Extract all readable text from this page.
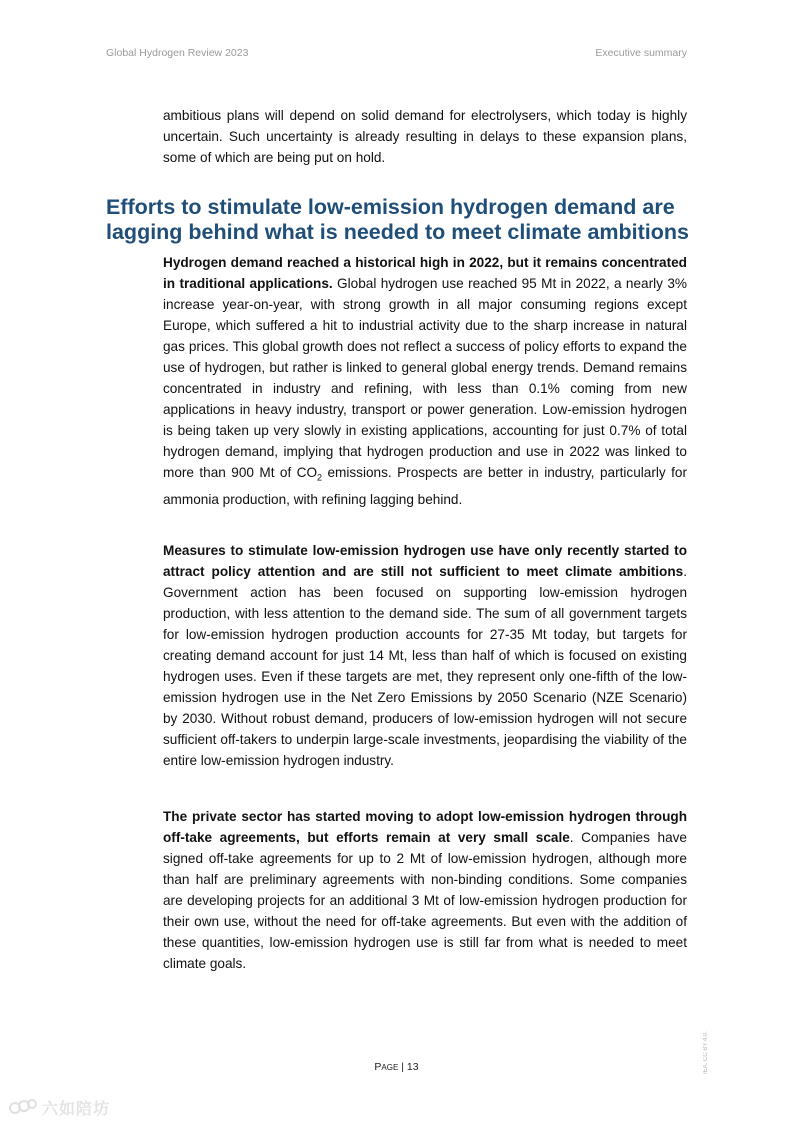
Global Hydrogen Review 2023	Executive summary

ambitious plans will depend on solid demand for electrolysers, which today is highly uncertain. Such uncertainty is already resulting in delays to these expansion plans, some of which are being put on hold.

Efforts to stimulate low-emission hydrogen demand are lagging behind what is needed to meet climate ambitions

Hydrogen demand reached a historical high in 2022, but it remains concentrated in traditional applications. Global hydrogen use reached 95 Mt in 2022, a nearly 3% increase year-on-year, with strong growth in all major consuming regions except Europe, which suffered a hit to industrial activity due to the sharp increase in natural gas prices. This global growth does not reflect a success of policy efforts to expand the use of hydrogen, but rather is linked to general global energy trends. Demand remains concentrated in industry and refining, with less than 0.1% coming from new applications in heavy industry, transport or power generation. Low-emission hydrogen is being taken up very slowly in existing applications, accounting for just 0.7% of total hydrogen demand, implying that hydrogen production and use in 2022 was linked to more than 900 Mt of $CO_2$ emissions. Prospects are better in industry, particularly for ammonia production, with refining lagging behind.

Measures to stimulate low-emission hydrogen use have only recently started to attract policy attention and are still not sufficient to meet climate ambitions. Government action has been focused on supporting low-emission hydrogen production, with less attention to the demand side. The sum of all government targets for low-emission hydrogen production accounts for 27-35 Mt today, but targets for creating demand account for just 14 Mt, less than half of which is focused on existing hydrogen uses. Even if these targets are met, they represent only one-fifth of the low-emission hydrogen use in the Net Zero Emissions by 2050 Scenario (NZE Scenario) by 2030. Without robust demand, producers of low-emission hydrogen will not secure sufficient off-takers to underpin large-scale investments, jeopardising the viability of the entire low-emission hydrogen industry.

The private sector has started moving to adopt low-emission hydrogen through off-take agreements, but efforts remain at very small scale. Companies have signed off-take agreements for up to 2 Mt of low-emission hydrogen, although more than half are preliminary agreements with non-binding conditions. Some companies are developing projects for an additional 3 Mt of low-emission hydrogen production for their own use, without the need for off-take agreements. But even with the addition of these quantities, low-emission hydrogen use is still far from what is needed to meet climate goals.

IEA. CC BY 4.0.
PAGE | 13
六如陪坊
